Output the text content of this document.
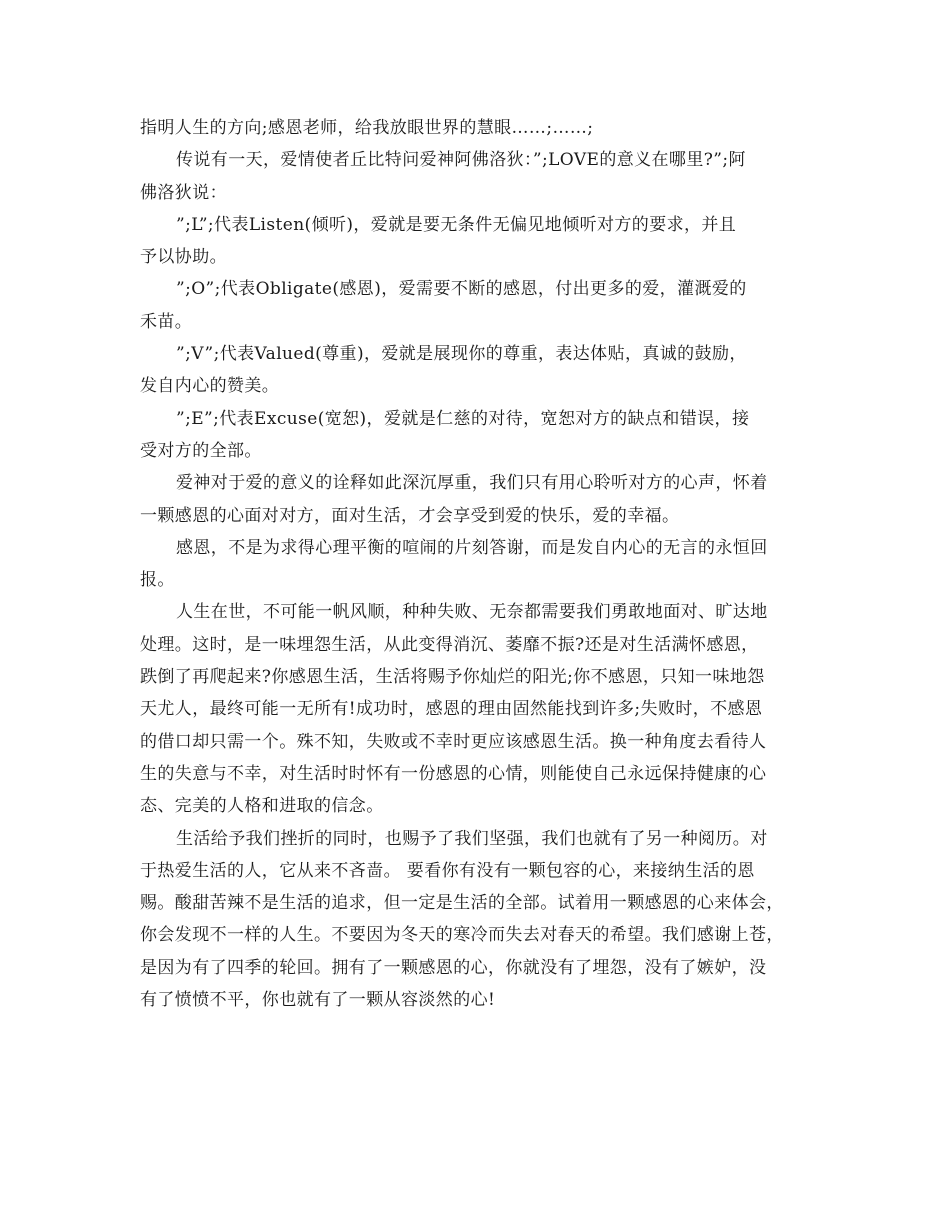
指明人生的方向;感恩老师，给我放眼世界的慧眼……;……;
传说有一天，爱情使者丘比特问爱神阿佛洛狄：”;LOVE的意义在哪里?”;阿
佛洛狄说：
”;L”;代表Listen(倾听)，爱就是要无条件无偏见地倾听对方的要求，并且
予以协助。
”;O”;代表Obligate(感恩)，爱需要不断的感恩，付出更多的爱，灌溉爱的
禾苗。
”;V”;代表Valued(尊重)，爱就是展现你的尊重，表达体贴，真诚的鼓励，
发自内心的赞美。
”;E”;代表Excuse(宽恕)，爱就是仁慈的对待，宽恕对方的缺点和错误，接
受对方的全部。
爱神对于爱的意义的诠释如此深沉厚重，我们只有用心聆听对方的心声，怀着
一颗感恩的心面对对方，面对生活，才会享受到爱的快乐，爱的幸福。
感恩，不是为求得心理平衡的喧闹的片刻答谢，而是发自内心的无言的永恒回
报。
人生在世，不可能一帆风顺，种种失败、无奈都需要我们勇敢地面对、旷达地
处理。这时，是一味埋怨生活，从此变得消沉、萎靡不振?还是对生活满怀感恩，
跌倒了再爬起来?你感恩生活，生活将赐予你灿烂的阳光;你不感恩，只知一味地怨
天尤人，最终可能一无所有!成功时，感恩的理由固然能找到许多;失败时，不感恩
的借口却只需一个。殊不知，失败或不幸时更应该感恩生活。换一种角度去看待人
生的失意与不幸，对生活时时怀有一份感恩的心情，则能使自己永远保持健康的心
态、完美的人格和进取的信念。
生活给予我们挫折的同时，也赐予了我们坚强，我们也就有了另一种阅历。对
于热爱生活的人，它从来不吝啬。 要看你有没有一颗包容的心，来接纳生活的恩
赐。酸甜苦辣不是生活的追求，但一定是生活的全部。试着用一颗感恩的心来体会，
你会发现不一样的人生。不要因为冬天的寒冷而失去对春天的希望。我们感谢上苍，
是因为有了四季的轮回。拥有了一颗感恩的心，你就没有了埋怨，没有了嫉妒，没
有了愤愤不平，你也就有了一颗从容淡然的心!
